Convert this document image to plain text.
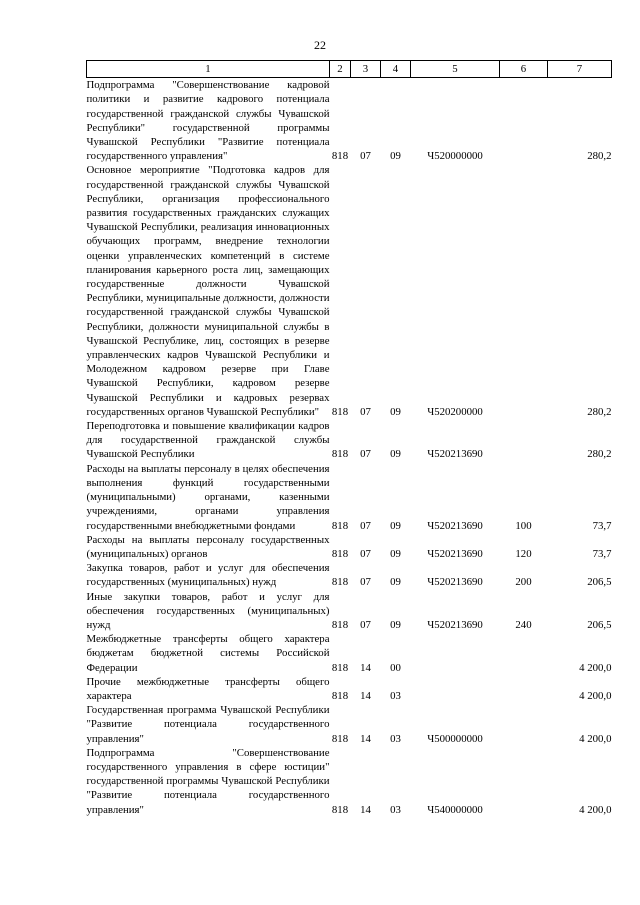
22
1	2	3	4	5	6	7
Подпрограмма "Совершенствование кадровой политики и развитие кадрового потенциала государственной гражданской службы Чувашской Республики" государственной программы Чувашской Республики "Развитие потенциала государственного управления"	818	07	09	Ч520000000		280,2
Основное мероприятие "Подготовка кадров для государственной гражданской службы Чувашской Республики, организация профессионального развития государственных гражданских служащих Чувашской Республики, реализация инновационных обучающих программ, внедрение технологии оценки управленческих компетенций в системе планирования карьерного роста лиц, замещающих государственные должности Чувашской Республики, муниципальные должности, должности государственной гражданской службы Чувашской Республики, должности муниципальной службы в Чувашской Республике, лиц, состоящих в резерве управленческих кадров Чувашской Республики и Молодежном кадровом резерве при Главе Чувашской Республики, кадровом резерве Чувашской Республики и кадровых резервах государственных органов Чувашской Республики"	818	07	09	Ч520200000		280,2
Переподготовка и повышение квалификации кадров для государственной гражданской службы Чувашской Республики	818	07	09	Ч520213690		280,2
Расходы на выплаты персоналу в целях обеспечения выполнения функций государственными (муниципальными) органами, казенными учреждениями, органами управления государственными внебюджетными фондами	818	07	09	Ч520213690	100	73,7
Расходы на выплаты персоналу государственных (муниципальных) органов	818	07	09	Ч520213690	120	73,7
Закупка товаров, работ и услуг для обеспечения государственных (муниципальных) нужд	818	07	09	Ч520213690	200	206,5
Иные закупки товаров, работ и услуг для обеспечения государственных (муниципальных) нужд	818	07	09	Ч520213690	240	206,5
Межбюджетные трансферты общего характера бюджетам бюджетной системы Российской Федерации	818	14	00			4 200,0
Прочие межбюджетные трансферты общего характера	818	14	03			4 200,0
Государственная программа Чувашской Республики "Развитие потенциала государственного управления"	818	14	03	Ч500000000		4 200,0
Подпрограмма "Совершенствование государственного управления в сфере юстиции" государственной программы Чувашской Республики "Развитие потенциала государственного управления"	818	14	03	Ч540000000		4 200,0
